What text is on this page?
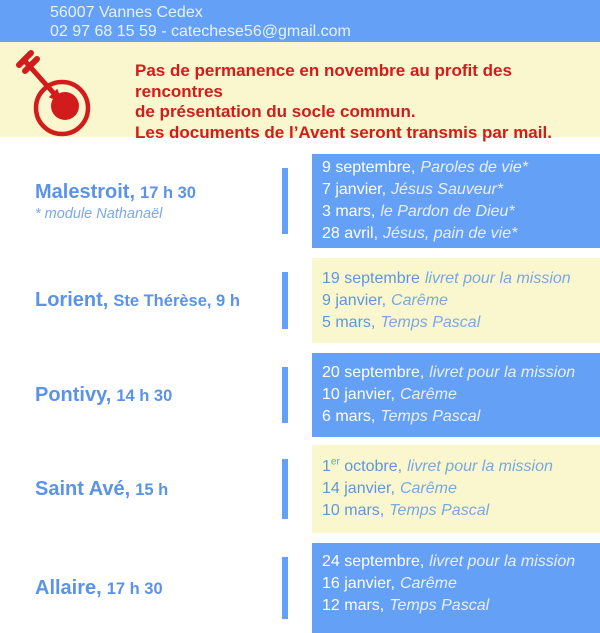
56007 Vannes Cedex
02 97 68 15 59 - catechese56@gmail.com
Pas de permanence en novembre au profit des rencontres
de présentation du socle commun.
Les documents de l’Avent seront transmis par mail.
Malestroit, 17 h 30
* module Nathanaël
9 septembre, Paroles de vie*
7 janvier, Jésus Sauveur*
3 mars, le Pardon de Dieu*
28 avril, Jésus, pain de vie*
Lorient, Ste Thérèse, 9 h
19 septembre livret pour la mission
9 janvier, Carême
5 mars, Temps Pascal
Pontivy, 14 h 30
20 septembre, livret pour la mission
10 janvier, Carême
6 mars, Temps Pascal
Saint Avé, 15 h
1er octobre, livret pour la mission
14 janvier, Carême
10 mars, Temps Pascal
Allaire, 17 h 30
24 septembre, livret pour la mission
16 janvier, Carême
12 mars, Temps Pascal
